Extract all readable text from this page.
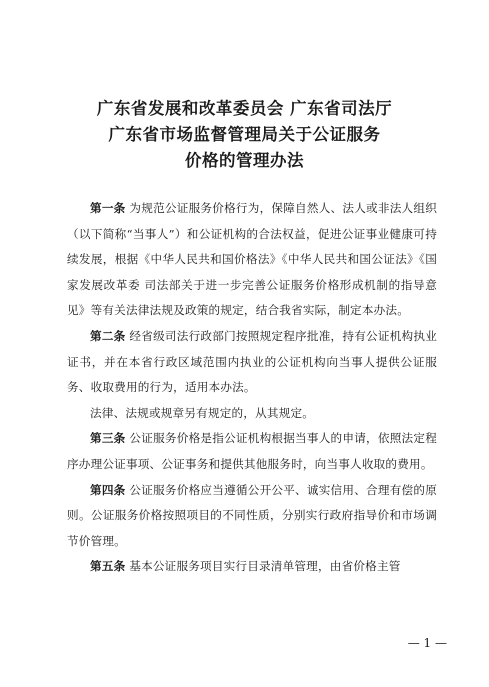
广东省发展和改革委员会 广东省司法厅
广东省市场监督管理局关于公证服务
价格的管理办法

第一条 为规范公证服务价格行为，保障自然人、法人或非法人组织（以下简称“当事人”）和公证机构的合法权益，促进公证事业健康可持续发展，根据《中华人民共和国价格法》《中华人民共和国公证法》《国家发展改革委 司法部关于进一步完善公证服务价格形成机制的指导意见》等有关法律法规及政策的规定，结合我省实际，制定本办法。

第二条 经省级司法行政部门按照规定程序批准，持有公证机构执业证书，并在本省行政区域范围内执业的公证机构向当事人提供公证服务、收取费用的行为，适用本办法。

法律、法规或规章另有规定的，从其规定。

第三条 公证服务价格是指公证机构根据当事人的申请，依照法定程序办理公证事项、公证事务和提供其他服务时，向当事人收取的费用。

第四条 公证服务价格应当遵循公开公平、诚实信用、合理有偿的原则。公证服务价格按照项目的不同性质，分别实行政府指导价和市场调节价管理。

第五条 基本公证服务项目实行目录清单管理，由省价格主管

— 1 —
